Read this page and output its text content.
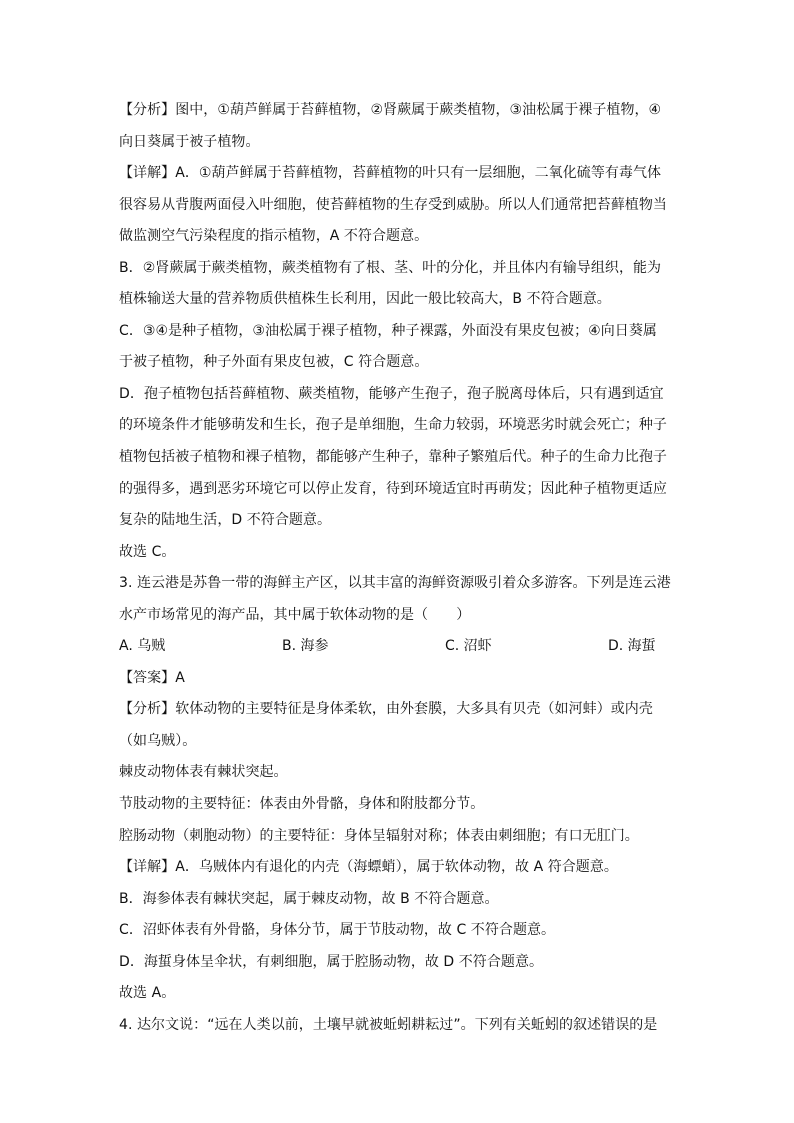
【分析】图中，①葫芦鲜属于苔藓植物，②肾蕨属于蕨类植物，③油松属于裸子植物，④
向日葵属于被子植物。
【详解】A．①葫芦鲜属于苔藓植物，苔藓植物的叶只有一层细胞，二氧化硫等有毒气体
很容易从背腹两面侵入叶细胞，使苔藓植物的生存受到威胁。所以人们通常把苔藓植物当
做监测空气污染程度的指示植物，A 不符合题意。
B．②肾蕨属于蕨类植物，蕨类植物有了根、茎、叶的分化，并且体内有输导组织，能为
植株输送大量的营养物质供植株生长利用，因此一般比较高大，B 不符合题意。
C．③④是种子植物，③油松属于裸子植物，种子裸露，外面没有果皮包被；④向日葵属
于被子植物，种子外面有果皮包被，C 符合题意。
D．孢子植物包括苔藓植物、蕨类植物，能够产生孢子，孢子脱离母体后，只有遇到适宜
的环境条件才能够萌发和生长，孢子是单细胞，生命力较弱，环境恶劣时就会死亡；种子
植物包括被子植物和裸子植物，都能够产生种子，靠种子繁殖后代。种子的生命力比孢子
的强得多，遇到恶劣环境它可以停止发育，待到环境适宜时再萌发；因此种子植物更适应
复杂的陆地生活，D 不符合题意。
故选 C。
3. 连云港是苏鲁一带的海鲜主产区，以其丰富的海鲜资源吸引着众多游客。下列是连云港
水产市场常见的海产品，其中属于软体动物的是（　　）
A. 乌贼	B. 海参	C. 沼虾	D. 海蜇
【答案】A
【分析】软体动物的主要特征是身体柔软，由外套膜，大多具有贝壳（如河蚌）或内壳
（如乌贼）。
棘皮动物体表有棘状突起。
节肢动物的主要特征：体表由外骨骼，身体和附肢都分节。
腔肠动物（刺胞动物）的主要特征：身体呈辐射对称；体表由刺细胞；有口无肛门。
【详解】A．乌贼体内有退化的内壳（海螵蛸），属于软体动物，故 A 符合题意。
B．海参体表有棘状突起，属于棘皮动物，故 B 不符合题意。
C．沼虾体表有外骨骼，身体分节，属于节肢动物，故 C 不符合题意。
D．海蜇身体呈伞状，有刺细胞，属于腔肠动物，故 D 不符合题意。
故选 A。
4. 达尔文说：“远在人类以前，土壤早就被蚯蚓耕耘过”。下列有关蚯蚓的叙述错误的是
